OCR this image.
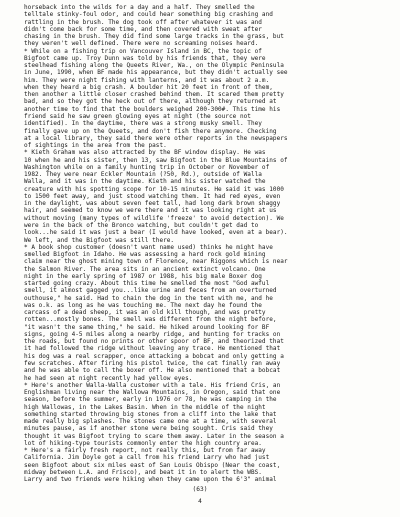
horseback into the wilds for a day and a half. They smelled the
telltale stinky-foul odor, and could hear something big crashing and
rattling in the brush. The dog took off after whatever it was and
didn't come back for some time, and then covered with sweat after
chasing in the brush. They did find some large tracks in the grass, but
they weren't well defined. There were no screaming noises heard.
* While on a fishing trip on Vancouver Island in BC, the topic of
Bigfoot came up. Troy Dunn was told by his friends that, they were
steelhead fishing along the Queets River, Wa., on the Olympic Peninsula
in June, 1990, when BF made his appearance, but they didn't actually see
him. They were night fishing with lanterns, and it was about 2 a.m.
when they heard a big crash. A boulder hit 20 feet in front of them,
then another a little closer crashed behind them. It scared them pretty
bad, and so they got the heck out of there, although they returned at
another time to find that the boulders weighed 200-300#. This time his
friend said he saw green glowing eyes at night (the source not
identified). In the daytime, there was a strong musky smell. They
finally gave up on the Queets, and don't fish there anymore. Checking
at a local library, they said there were other reports in the newspapers
of sightings in the area from the past.
* Kieth Graham was also attracted by the BF window display. He was
10 when he and his sister, then 13, saw Bigfoot in the Blue Mountains of
Washington while on a family hunting trip in October or November of
1982. They were near Eckler Mountain (?50, Rd.), outside of Walla
Walla, and it was in the daytime. Kieth and his sister watched the
creature with his spotting scope for 10-15 minutes. He said it was 1000
to 1500 feet away, and just stood watching them. It had red eyes, even
in the daylight, was about seven feet tall, had long dark brown shaggy
hair, and seemed to know we were there and it was looking right at us
without moving (many types of wildlife 'freeze' to avoid detection). We
were in the back of the Bronco watching, but couldn't get dad to
look...he said it was just a bear (I would have looked, even at a bear).
We left, and the Bigfoot was still there.
* A book shop customer (doesn't want name used) thinks he might have
smelled Bigfoot in Idaho. He was assessing a hard rock gold mining
claim near the ghost mining town of Florence, near Riggons which is near
the Salmon River. The area sits in an ancient extinct volcano. One
night in the early spring of 1987 or 1988, his big male Boxer dog
started going crazy. About this time he smelled the most "God awful
smell, it almost gagged you...like urine and feces from an overturned
outhouse," he said. Had to chain the dog in the tent with me, and he
was o.k. as long as he was touching me. The next day he found the
carcass of a dead sheep, it was an old kill though, and was pretty
rotten...mostly bones. The smell was different from the night before,
"it wasn't the same thing," he said. He hiked around looking for BF
signs, going 4-5 miles along a nearby ridge, and hunting for tracks on
the roads, but found no prints or other spoor of BF, and theorized that
it had followed the ridge without leaving any trace. He mentioned that
his dog was a real scrapper, once attacking a bobcat and only getting a
few scratches. After firing his pistol twice, the cat finally ran away
and he was able to call the boxer off. He also mentioned that a bobcat
he had seen at night recently had yellow eyes.
* Here's another Walla-Walla customer with a tale. His friend Cris, an
Englishman living near the Wallowa Mountains, in Oregon, said that one
season, before the summer, early in 1976 or 78, he was camping in the
high Wallowas, in the Lakes Basin. When in the middle of the night
something started throwing big stones from a cliff into the lake that
made really big splashes. The stones came one at a time, with several
minutes pause, as if another stone were being sought. Cris said they
thought it was Bigfoot trying to scare them away. Later in the season a
lot of hiking-type tourists commonly enter the high country area.
* Here's a fairly fresh report, not really this, but from far away
California. Jim Doyle got a call from his friend Larry who had just
seen Bigfoot about six miles east of San Louis Obispo (Near the coast,
midway between L.A. and Frisco), and beat it in to alert the WBS.
Larry and two friends were hiking when they came upon the 6'3" animal
(63)
4
